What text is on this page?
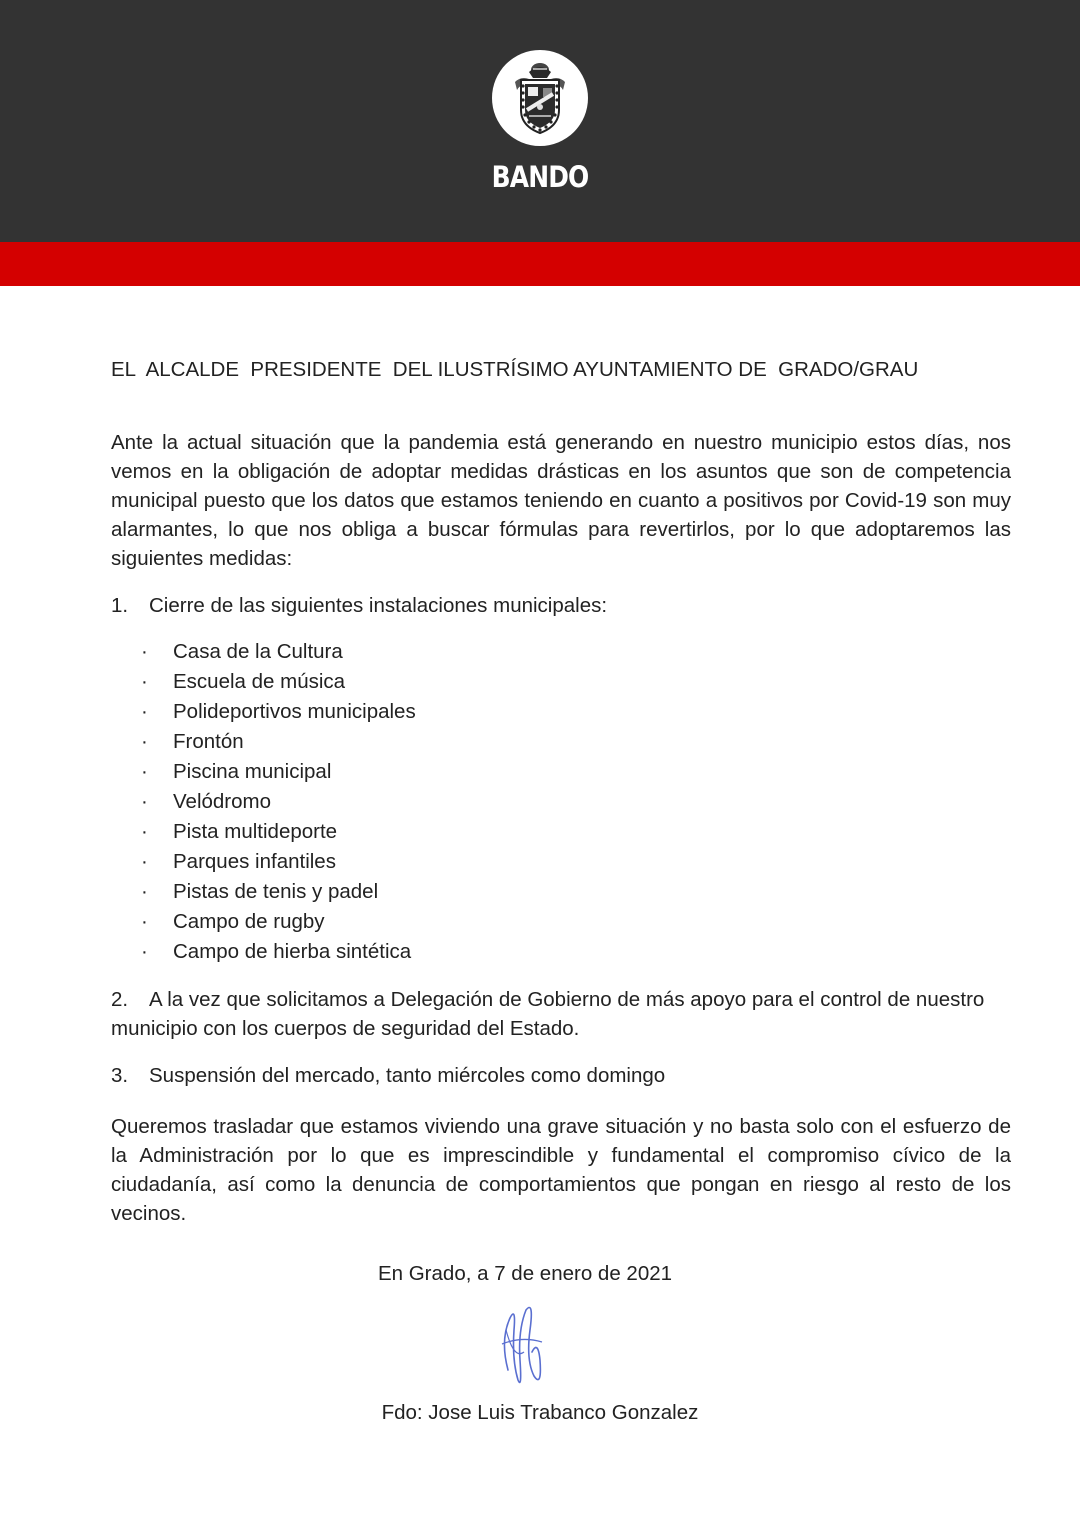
BANDO

EL  ALCALDE  PRESIDENTE  DEL ILUSTRÍSIMO AYUNTAMIENTO DE  GRADO/GRAU

Ante la actual situación que la pandemia está generando en nuestro municipio estos días, nos vemos en la obligación de adoptar medidas drásticas en los asuntos que son de competencia municipal puesto que los datos que estamos teniendo en cuanto a positivos por Covid-19 son muy alarmantes, lo que nos obliga a buscar fórmulas para revertirlos, por lo que adoptaremos las siguientes medidas:

1.	Cierre de las siguientes instalaciones municipales:
·	Casa de la Cultura
·	Escuela de música
·	Polideportivos municipales
·	Frontón
·	Piscina municipal
·	Velódromo
·	Pista multideporte
·	Parques infantiles
·	Pistas de tenis y padel
·	Campo de rugby
·	Campo de hierba sintética
2. A la vez que solicitamos a Delegación de Gobierno de más apoyo para el control de nuestro municipio con los cuerpos de seguridad del Estado.
3.	Suspensión del mercado, tanto miércoles como domingo

Queremos trasladar que estamos viviendo una grave situación y no basta solo con el esfuerzo de la Administración por lo que es imprescindible y fundamental el compromiso cívico de la ciudadanía, así como la denuncia de comportamientos que pongan en riesgo al resto de los vecinos.

En Grado, a 7 de enero de 2021
Fdo: Jose Luis Trabanco Gonzalez
